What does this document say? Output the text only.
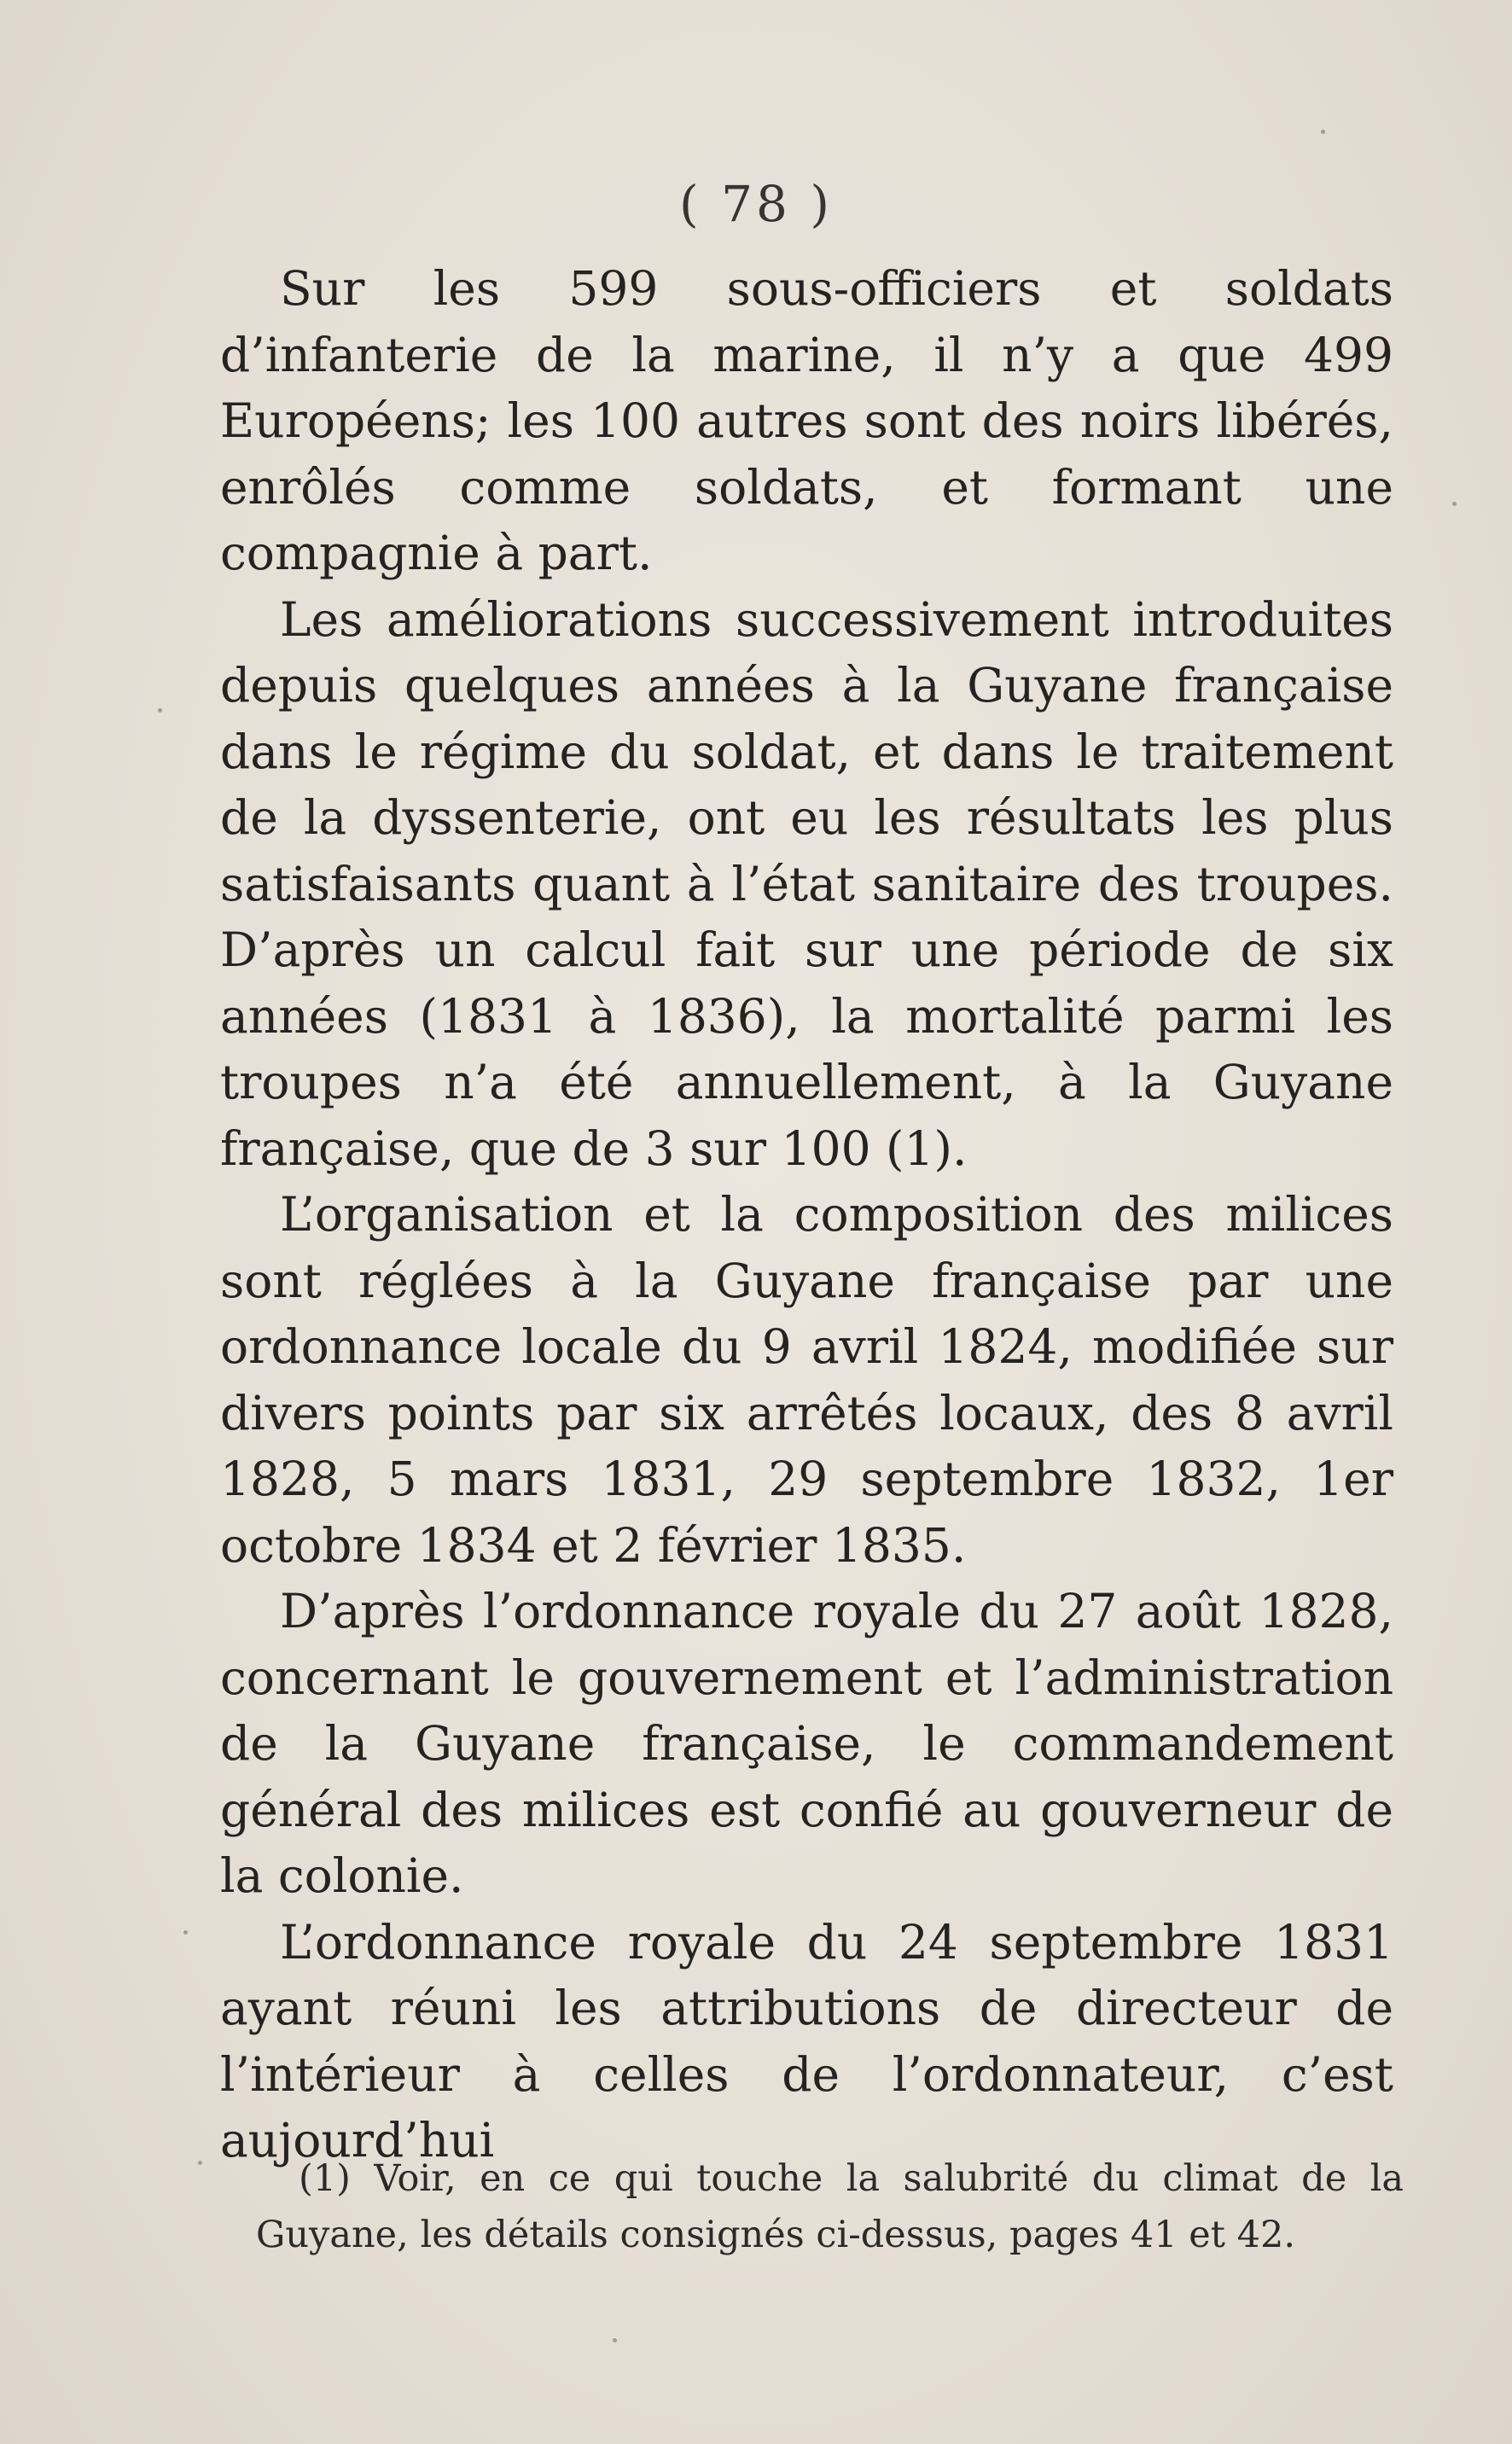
( 78 )

Sur les 599 sous-officiers et soldats d’infanterie de la marine, il n’y a que 499 Européens; les 100 autres sont des noirs libérés, enrôlés comme soldats, et formant une compagnie à part.

Les améliorations successivement introduites depuis quelques années à la Guyane française dans le régime du soldat, et dans le traitement de la dyssenterie, ont eu les résultats les plus satisfaisants quant à l’état sanitaire des troupes. D’après un calcul fait sur une période de six années (1831 à 1836), la mortalité parmi les troupes n’a été annuellement, à la Guyane française, que de 3 sur 100 (1).

L’organisation et la composition des milices sont réglées à la Guyane française par une ordonnance locale du 9 avril 1824, modifiée sur divers points par six arrêtés locaux, des 8 avril 1828, 5 mars 1831, 29 septembre 1832, 1er octobre 1834 et 2 février 1835.

D’après l’ordonnance royale du 27 août 1828, concernant le gouvernement et l’administration de la Guyane française, le commandement général des milices est confié au gouverneur de la colonie.

L’ordonnance royale du 24 septembre 1831 ayant réuni les attributions de directeur de l’intérieur à celles de l’ordonnateur, c’est aujourd’hui

(1) Voir, en ce qui touche la salubrité du climat de la Guyane, les détails consignés ci-dessus, pages 41 et 42.
